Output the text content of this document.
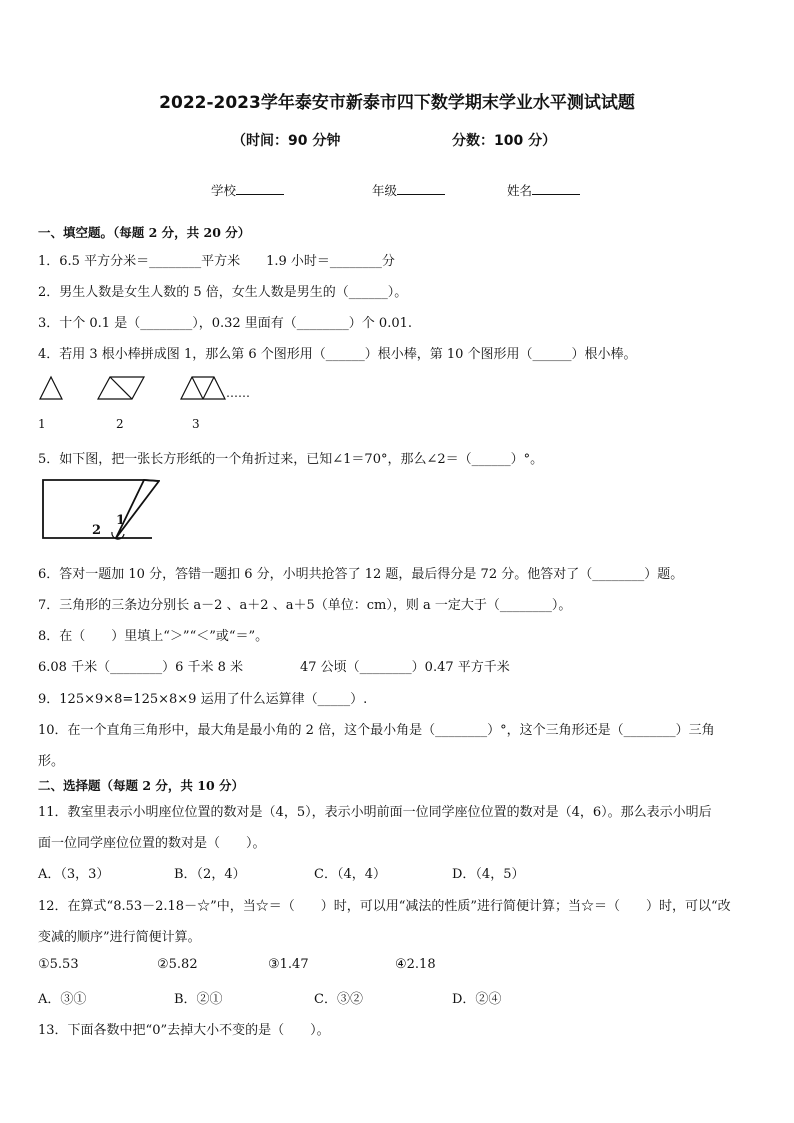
2022-2023学年泰安市新泰市四下数学期末学业水平测试试题
（时间：90 分钟	分数：100 分）
学校	年级	姓名
一、填空题。（每题 2 分，共 20 分）
1．6.5 平方分米＝________平方米　　1.9 小时＝________分
2．男生人数是女生人数的 5 倍，女生人数是男生的（______）。
3．十个 0.1 是（________），0.32 里面有（________）个 0.01.
4．若用 3 根小棒拼成图 1，那么第 6 个图形用（______）根小棒，第 10 个图形用（______）根小棒。
……
1	2	3
5．如下图，把一张长方形纸的一个角折过来，已知∠1＝70°，那么∠2＝（______）°。
1
2
6．答对一题加 10 分，答错一题扣 6 分，小明共抢答了 12 题，最后得分是 72 分。他答对了（________）题。
7．三角形的三条边分别长 a－2 、a＋2 、a＋5（单位：cm），则 a 一定大于（________）。
8．在（　　）里填上“＞”“＜”或“＝”。
6.08 千米（________）6 千米 8 米	47 公顷（________）0.47 平方千米
9．125×9×8=125×8×9 运用了什么运算律（_____）.
10．在一个直角三角形中，最大角是最小角的 2 倍，这个最小角是（________）°，这个三角形还是（________）三角
形。
二、选择题（每题 2 分，共 10 分）
11．教室里表示小明座位位置的数对是（4，5），表示小明前面一位同学座位位置的数对是（4，6）。那么表示小明后
面一位同学座位位置的数对是（　　）。
A．（3，3）	B．（2，4）	C．（4，4）	D．（4，5）
12．在算式“8.53－2.18－☆”中，当☆＝（　　）时，可以用“减法的性质”进行简便计算；当☆＝（　　）时，可以“改
变减的顺序”进行简便计算。
①5.53	②5.82	③1.47	④2.18
A．③①	B．②①	C．③②	D．②④
13．下面各数中把“0”去掉大小不变的是（　　）。
